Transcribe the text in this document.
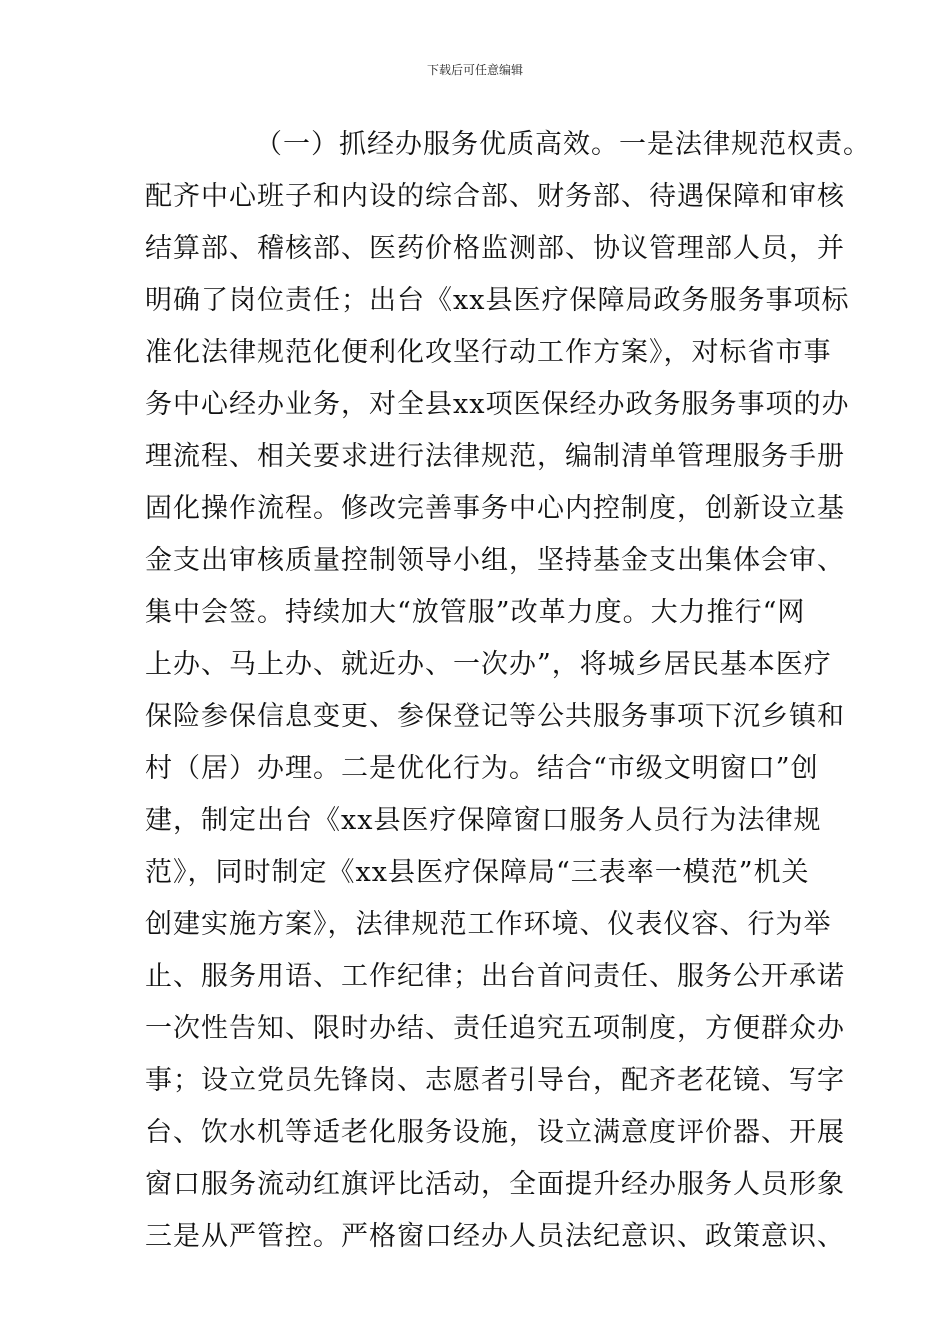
下载后可任意编辑
（一）抓经办服务优质高效。一是法律规范权责。
配齐中心班子和内设的综合部、财务部、待遇保障和审核
结算部、稽核部、医药价格监测部、协议管理部人员，并
明确了岗位责任；出台《xx县医疗保障局政务服务事项标
准化法律规范化便利化攻坚行动工作方案》，对标省市事
务中心经办业务，对全县xx项医保经办政务服务事项的办
理流程、相关要求进行法律规范，编制清单管理服务手册
固化操作流程。修改完善事务中心内控制度，创新设立基
金支出审核质量控制领导小组，坚持基金支出集体会审、
集中会签。持续加大“放管服”改革力度。大力推行“网
上办、马上办、就近办、一次办”，将城乡居民基本医疗
保险参保信息变更、参保登记等公共服务事项下沉乡镇和
村（居）办理。二是优化行为。结合“市级文明窗口”创
建，制定出台《xx县医疗保障窗口服务人员行为法律规
范》，同时制定《xx县医疗保障局“三表率一模范”机关
创建实施方案》，法律规范工作环境、仪表仪容、行为举
止、服务用语、工作纪律；出台首问责任、服务公开承诺
一次性告知、限时办结、责任追究五项制度，方便群众办
事；设立党员先锋岗、志愿者引导台，配齐老花镜、写字
台、饮水机等适老化服务设施，设立满意度评价器、开展
窗口服务流动红旗评比活动，全面提升经办服务人员形象
三是从严管控。严格窗口经办人员法纪意识、政策意识、
